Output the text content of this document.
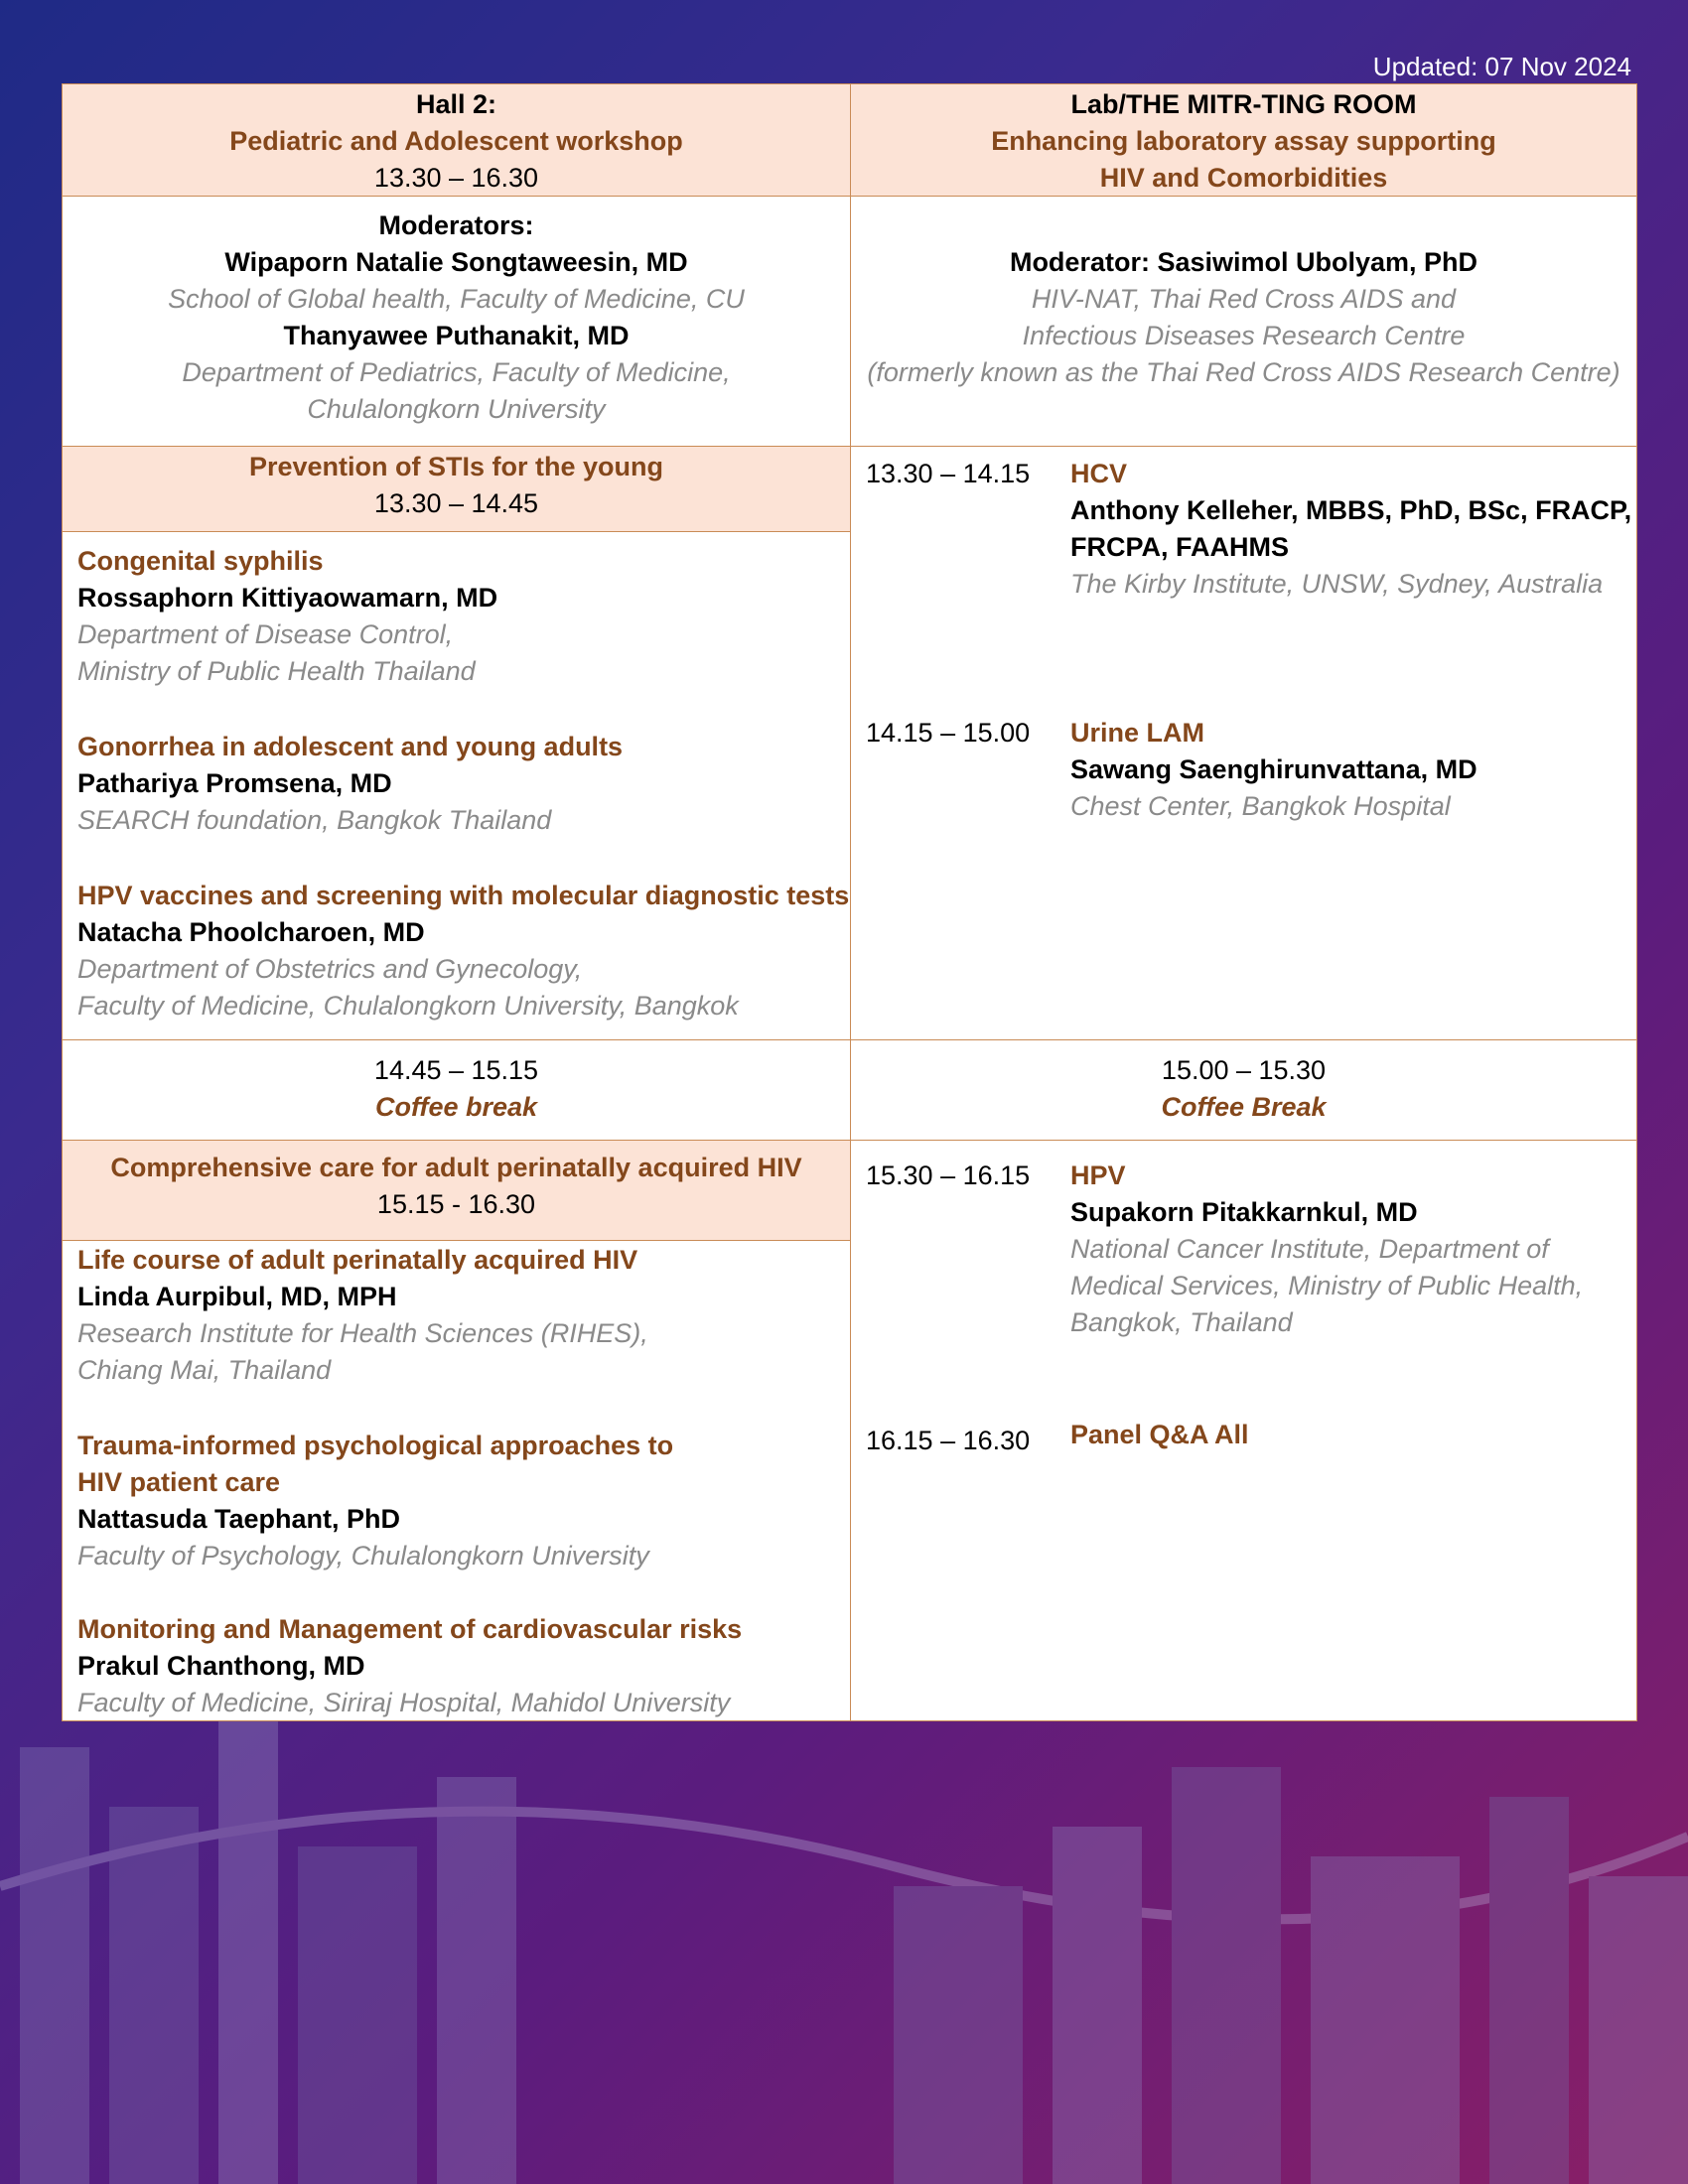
Updated: 07 Nov 2024
Hall 2:
Pediatric and Adolescent workshop
13.30 – 16.30
Lab/THE MITR-TING ROOM
Enhancing laboratory assay supporting
HIV and Comorbidities
Moderators:
Wipaporn Natalie Songtaweesin, MD
School of Global health, Faculty of Medicine, CU
Thanyawee Puthanakit, MD
Department of Pediatrics, Faculty of Medicine,
Chulalongkorn University
Moderator: Sasiwimol Ubolyam, PhD
HIV-NAT, Thai Red Cross AIDS and
Infectious Diseases Research Centre
(formerly known as the Thai Red Cross AIDS Research Centre)
Prevention of STIs for the young
13.30 – 14.45
Congenital syphilis
Rossaphorn Kittiyaowamarn, MD
Department of Disease Control,
Ministry of Public Health Thailand
Gonorrhea in adolescent and young adults
Pathariya Promsena, MD
SEARCH foundation, Bangkok Thailand
HPV vaccines and screening with molecular diagnostic tests
Natacha Phoolcharoen, MD
Department of Obstetrics and Gynecology,
Faculty of Medicine, Chulalongkorn University, Bangkok
13.30 – 14.15 HCV
Anthony Kelleher, MBBS, PhD, BSc, FRACP,
FRCPA, FAAHMS
The Kirby Institute, UNSW, Sydney, Australia
14.15 – 15.00 Urine LAM
Sawang Saenghirunvattana, MD
Chest Center, Bangkok Hospital
14.45 – 15.15
Coffee break
15.00 – 15.30
Coffee Break
Comprehensive care for adult perinatally acquired HIV
15.15 - 16.30
Life course of adult perinatally acquired HIV
Linda Aurpibul, MD, MPH
Research Institute for Health Sciences (RIHES),
Chiang Mai, Thailand
Trauma-informed psychological approaches to
HIV patient care
Nattasuda Taephant, PhD
Faculty of Psychology, Chulalongkorn University
Monitoring and Management of cardiovascular risks
Prakul Chanthong, MD
Faculty of Medicine, Siriraj Hospital, Mahidol University
15.30 – 16.15 HPV
Supakorn Pitakkarnkul, MD
National Cancer Institute, Department of
Medical Services, Ministry of Public Health,
Bangkok, Thailand
16.15 – 16.30 Panel Q&A All
